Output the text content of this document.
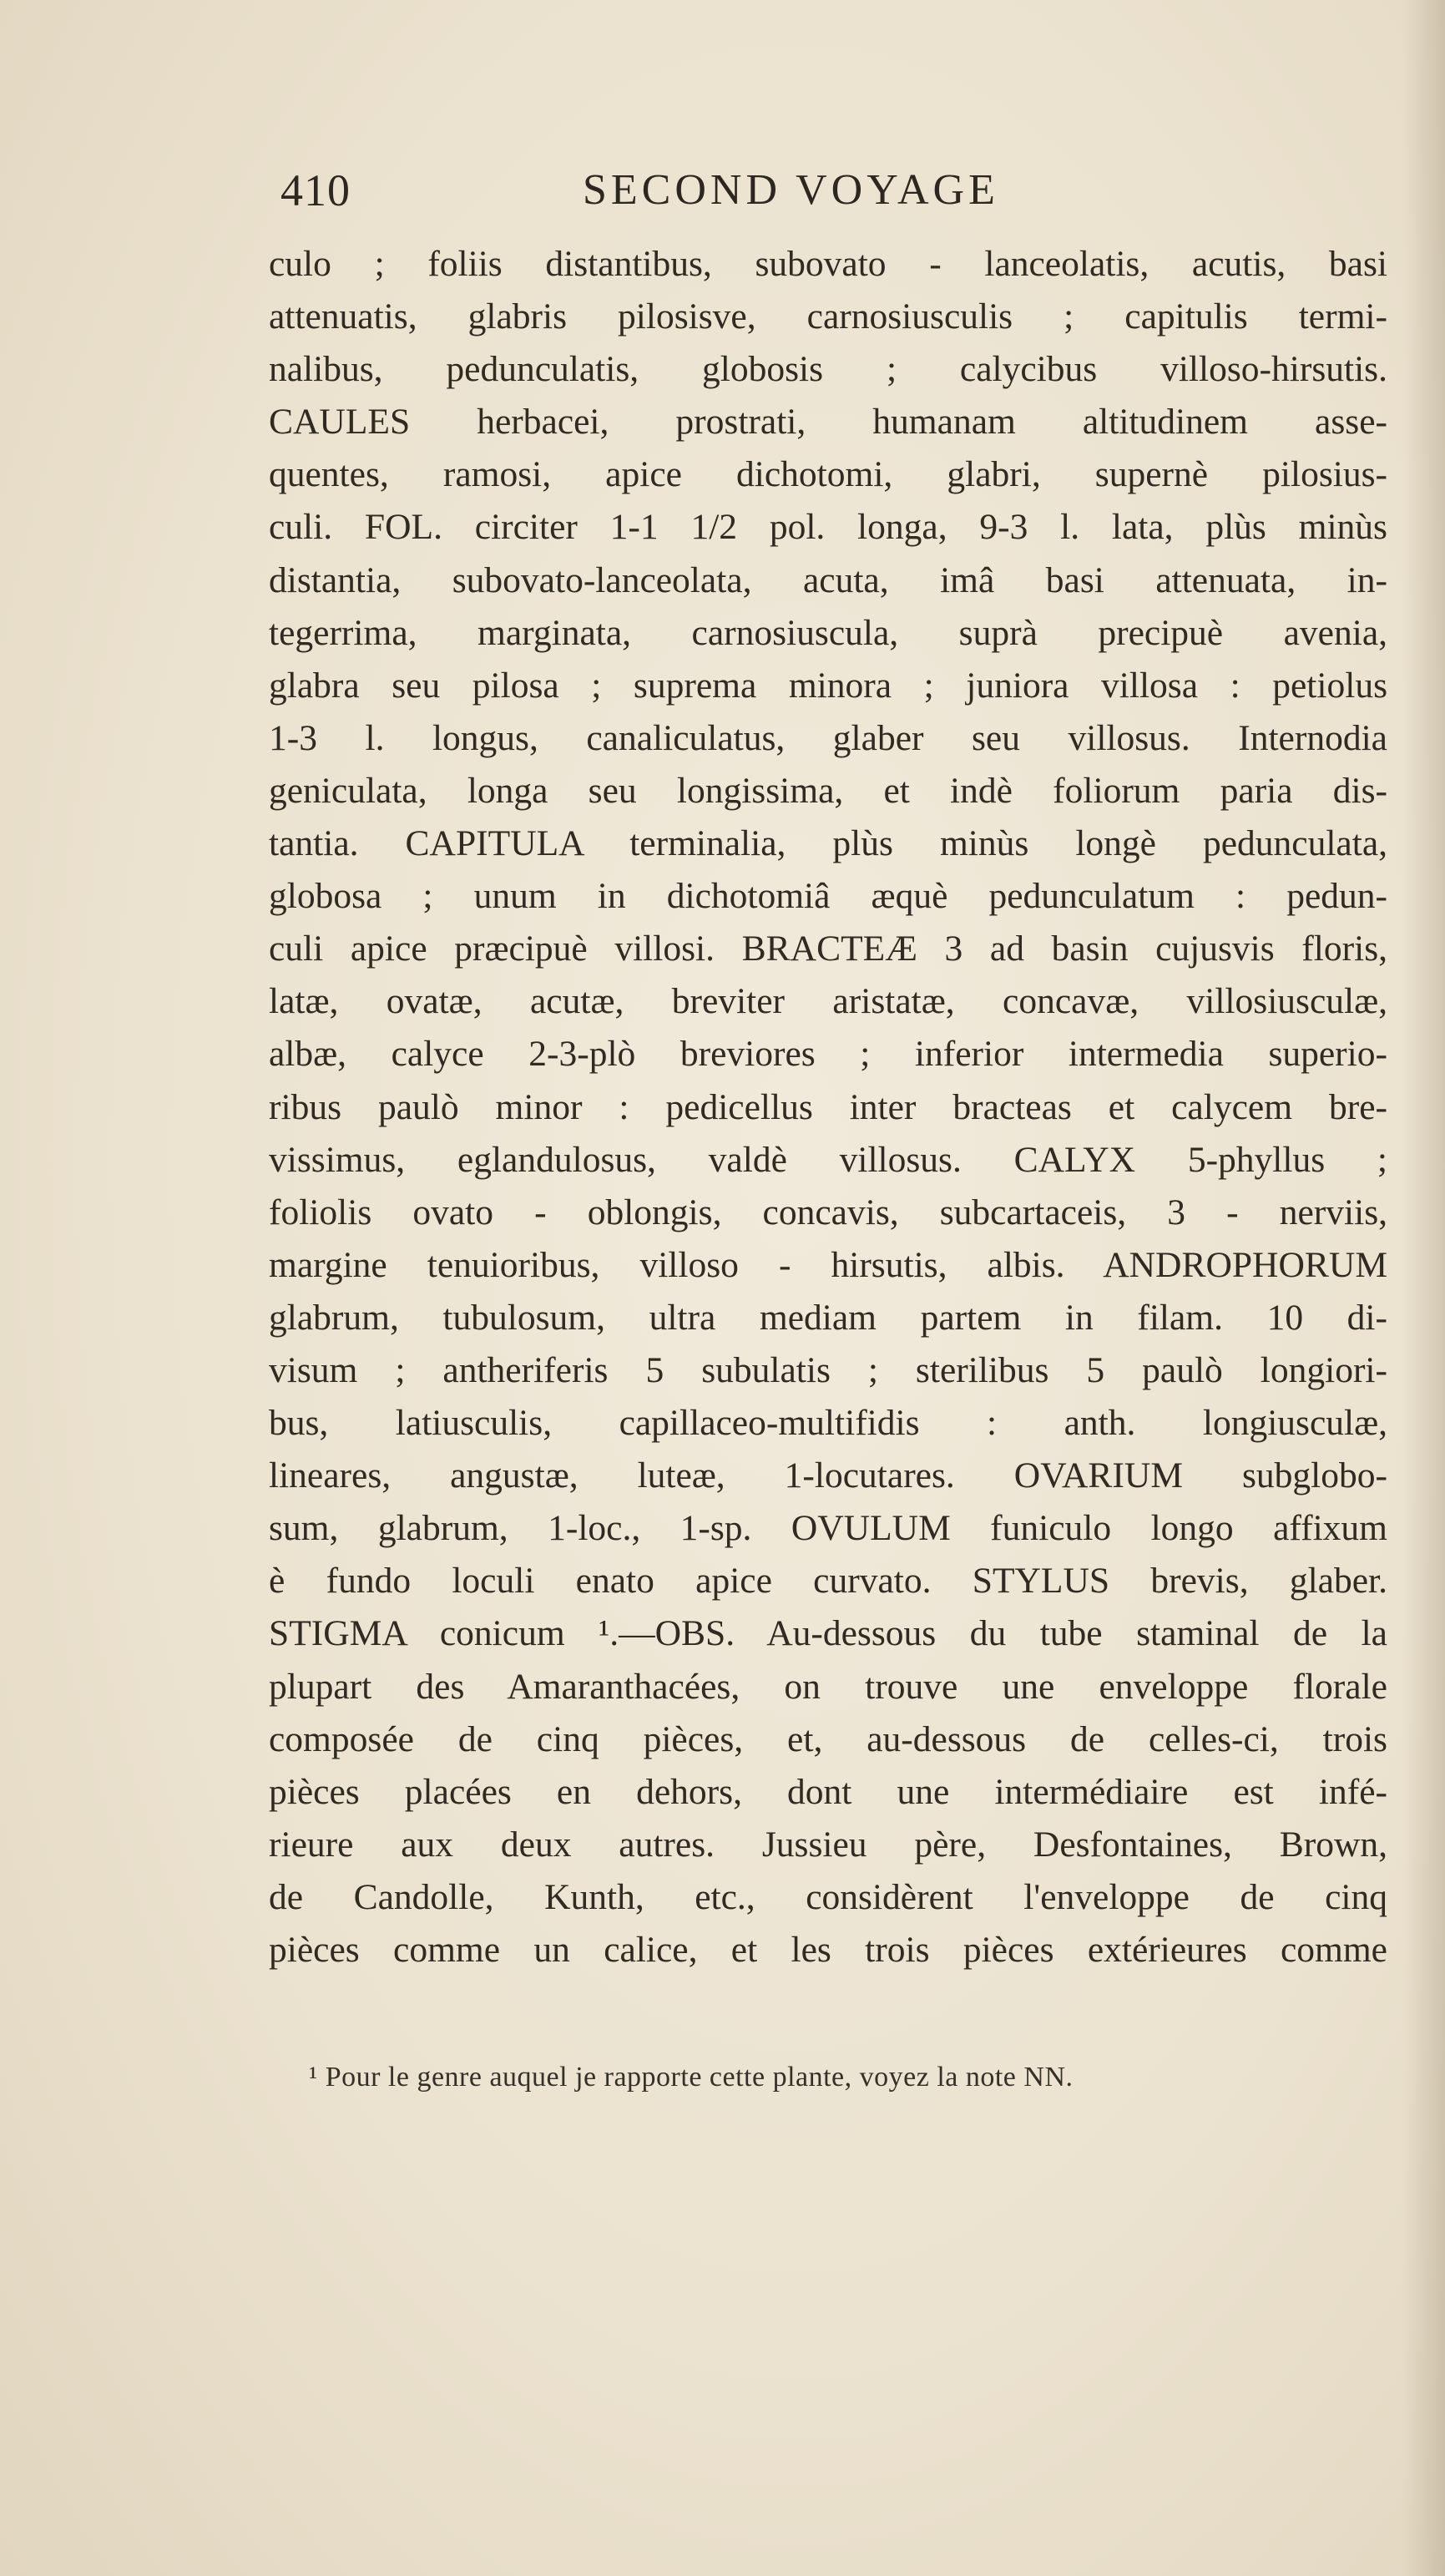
410	SECOND VOYAGE
culo ; foliis distantibus, subovato - lanceolatis, acutis, basi
attenuatis, glabris pilosisve, carnosiusculis ; capitulis termi-
nalibus, pedunculatis, globosis ; calycibus villoso-hirsutis.
CAULES herbacei, prostrati, humanam altitudinem asse-
quentes, ramosi, apice dichotomi, glabri, supernè pilosius-
culi. FOL. circiter 1-1 1/2 pol. longa, 9-3 l. lata, plùs minùs
distantia, subovato-lanceolata, acuta, imâ basi attenuata, in-
tegerrima, marginata, carnosiuscula, suprà precipuè avenia,
glabra seu pilosa ; suprema minora ; juniora villosa : petiolus
1-3 l. longus, canaliculatus, glaber seu villosus. Internodia
geniculata, longa seu longissima, et indè foliorum paria dis-
tantia. CAPITULA terminalia, plùs minùs longè pedunculata,
globosa ; unum in dichotomiâ æquè pedunculatum : pedun-
culi apice præcipuè villosi. BRACTEÆ 3 ad basin cujusvis floris,
latæ, ovatæ, acutæ, breviter aristatæ, concavæ, villosiusculæ,
albæ, calyce 2-3-plò breviores ; inferior intermedia superio-
ribus paulò minor : pedicellus inter bracteas et calycem bre-
vissimus, eglandulosus, valdè villosus. CALYX 5-phyllus ;
foliolis ovato - oblongis, concavis, subcartaceis, 3 - nerviis,
margine tenuioribus, villoso - hirsutis, albis. ANDROPHORUM
glabrum, tubulosum, ultra mediam partem in filam. 10 di-
visum ; antheriferis 5 subulatis ; sterilibus 5 paulò longiori-
bus, latiusculis, capillaceo-multifidis : anth. longiusculæ,
lineares, angustæ, luteæ, 1-locutares. OVARIUM subglobo-
sum, glabrum, 1-loc., 1-sp. OVULUM funiculo longo affixum
è fundo loculi enato apice curvato. STYLUS brevis, glaber.
STIGMA conicum ¹.—OBS. Au-dessous du tube staminal de la
plupart des Amaranthacées, on trouve une enveloppe florale
composée de cinq pièces, et, au-dessous de celles-ci, trois
pièces placées en dehors, dont une intermédiaire est infé-
rieure aux deux autres. Jussieu père, Desfontaines, Brown,
de Candolle, Kunth, etc., considèrent l'enveloppe de cinq
pièces comme un calice, et les trois pièces extérieures comme
¹ Pour le genre auquel je rapporte cette plante, voyez la note NN.
